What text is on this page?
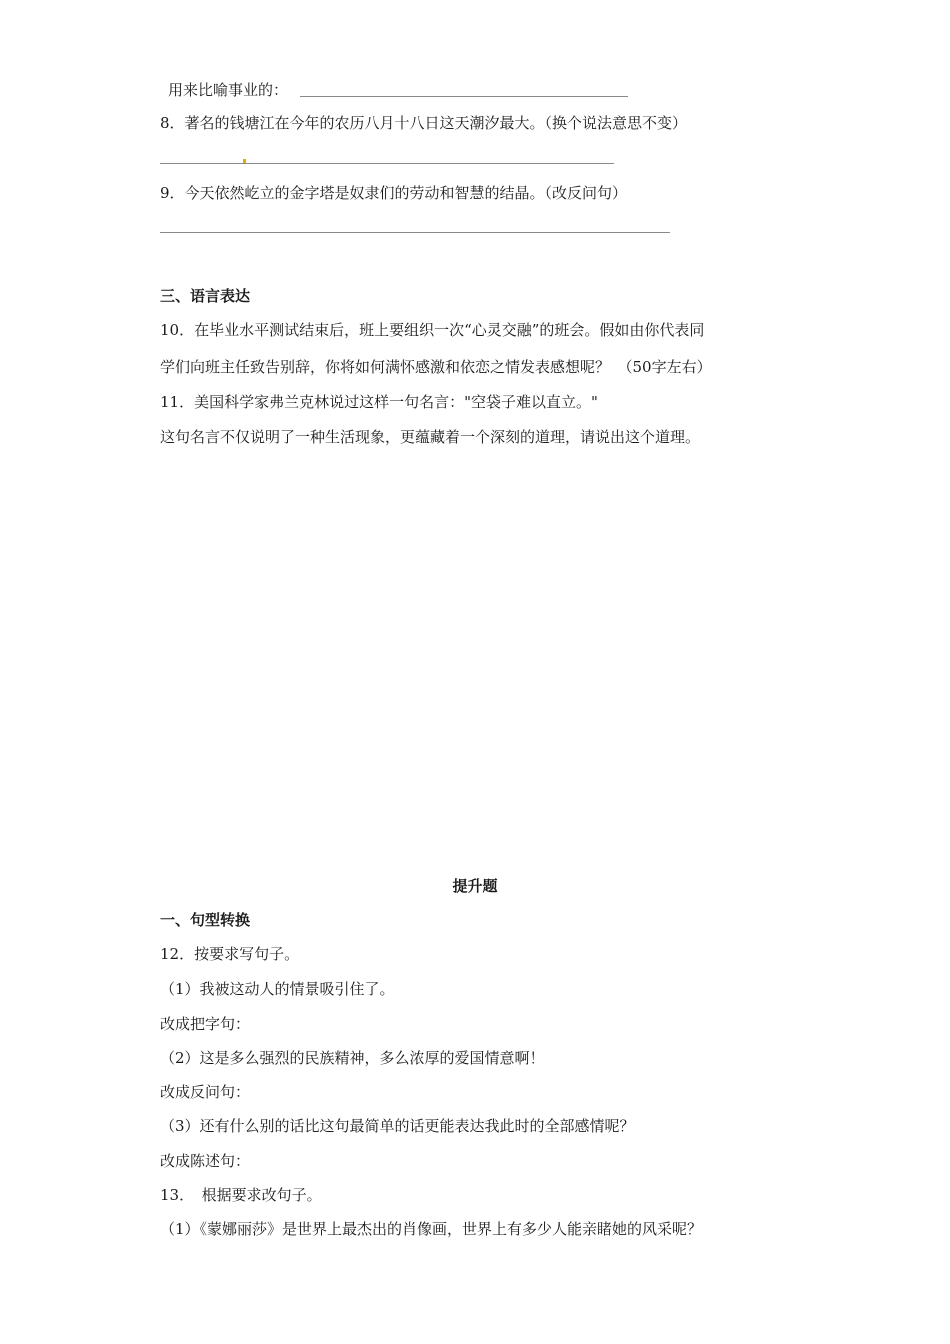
用来比喻事业的：
8．著名的钱塘江在今年的农历八月十八日这天潮汐最大。（换个说法意思不变）
9．今天依然屹立的金字塔是奴隶们的劳动和智慧的结晶。（改反问句）
三、语言表达
10．在毕业水平测试结束后，班上要组织一次“心灵交融”的班会。假如由你代表同
学们向班主任致告别辞，你将如何满怀感激和依恋之情发表感想呢？　（50字左右）
11．美国科学家弗兰克林说过这样一句名言："空袋子难以直立。"
这句名言不仅说明了一种生活现象，更蕴藏着一个深刻的道理，请说出这个道理。
提升题
一、句型转换
12．按要求写句子。
（1）我被这动人的情景吸引住了。
改成把字句：
（2）这是多么强烈的民族精神，多么浓厚的爱国情意啊！
改成反问句：
（3）还有什么别的话比这句最简单的话更能表达我此时的全部感情呢？
改成陈述句：
13．　根据要求改句子。
（1）《蒙娜丽莎》是世界上最杰出的肖像画，世界上有多少人能亲睹她的风采呢？
